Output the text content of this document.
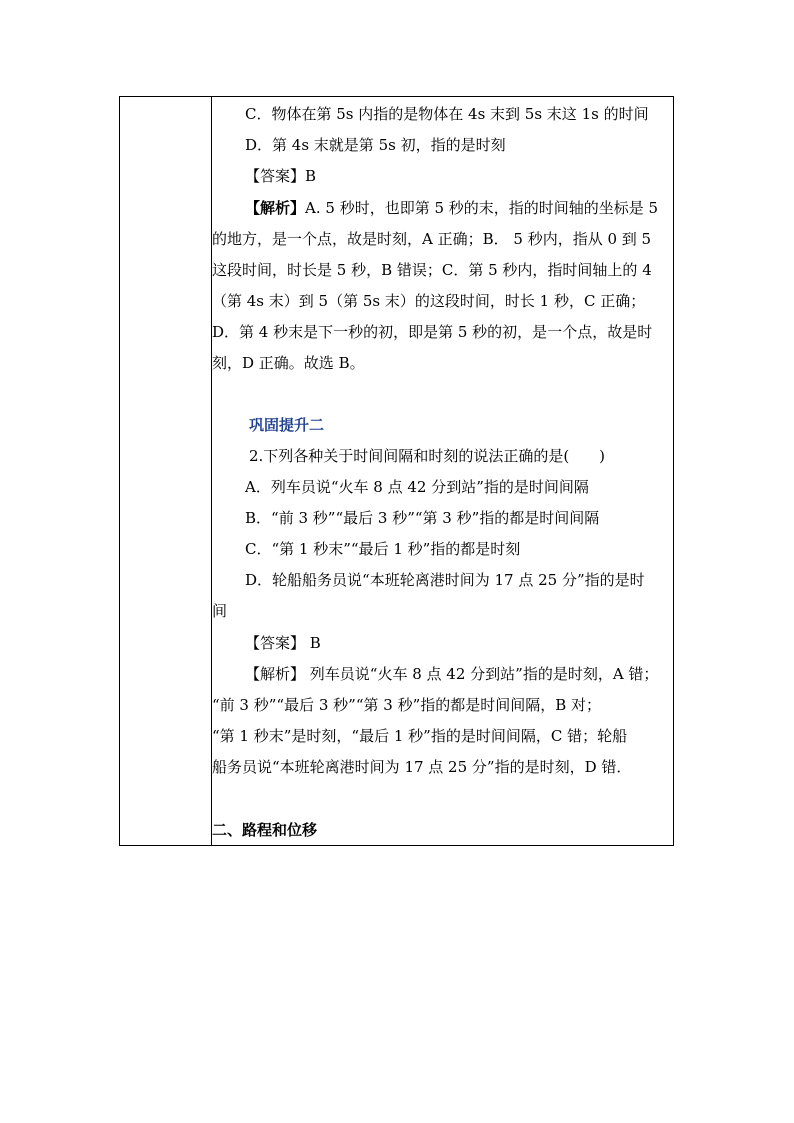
C．物体在第 5s 内指的是物体在 4s 末到 5s 末这 1s 的时间
D．第 4s 末就是第 5s 初，指的是时刻
【答案】B
【解析】A. 5 秒时，也即第 5 秒的末，指的时间轴的坐标是 5
的地方，是一个点，故是时刻，A 正确；B． 5 秒内，指从 0 到 5
这段时间，时长是 5 秒，B 错误；C．第 5 秒内，指时间轴上的 4
（第 4s 末）到 5（第 5s 末）的这段时间，时长 1 秒，C 正确；
D．第 4 秒末是下一秒的初，即是第 5 秒的初，是一个点，故是时
刻，D 正确。故选 B。
巩固提升二
2.下列各种关于时间间隔和时刻的说法正确的是(　　)
A．列车员说“火车 8 点 42 分到站”指的是时间间隔
B．“前 3 秒”“最后 3 秒”“第 3 秒”指的都是时间间隔
C．“第 1 秒末”“最后 1 秒”指的都是时刻
D．轮船船务员说“本班轮离港时间为 17 点 25 分”指的是时
间
【答案】 B
【解析】 列车员说“火车 8 点 42 分到站”指的是时刻，A 错；
“前 3 秒”“最后 3 秒”“第 3 秒”指的都是时间间隔，B 对；
“第 1 秒末”是时刻，“最后 1 秒”指的是时间间隔，C 错；轮船
船务员说“本班轮离港时间为 17 点 25 分”指的是时刻，D 错．
二、路程和位移
